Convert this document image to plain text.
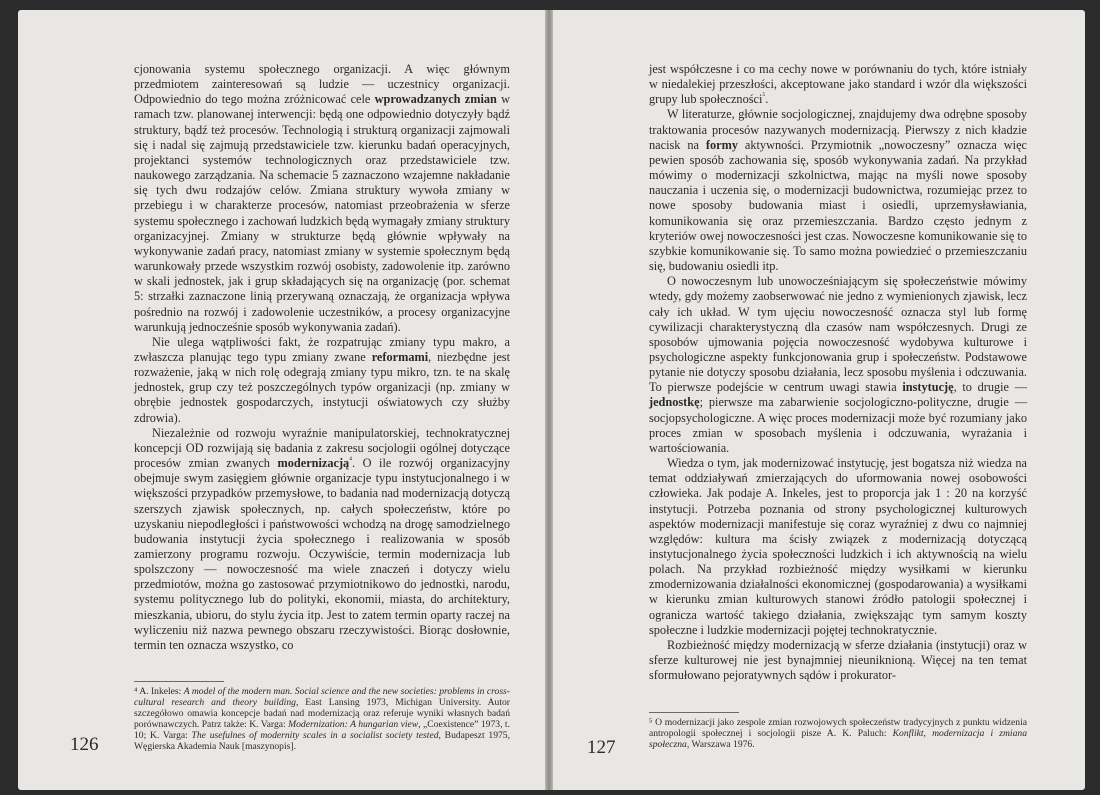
cjonowania systemu społecznego organizacji. A więc głównym przedmiotem zainteresowań są ludzie — uczestnicy organizacji. Odpowiednio do tego można zróżnicować cele wprowadzanych zmian w ramach tzw. planowanej interwencji: będą one odpowiednio dotyczyły bądź struktury, bądź też procesów. Technologią i strukturą organizacji zajmowali się i nadal się zajmują przedstawiciele tzw. kierunku badań operacyjnych, projektanci systemów technologicznych oraz przedstawiciele tzw. naukowego zarządzania. Na schemacie 5 zaznaczono wzajemne nakładanie się tych dwu rodzajów celów. Zmiana struktury wywoła zmiany w przebiegu i w charakterze procesów, natomiast przeobrażenia w sferze systemu społecznego i zachowań ludzkich będą wymagały zmiany struktury organizacyjnej. Zmiany w strukturze będą głównie wpływały na wykonywanie zadań pracy, natomiast zmiany w systemie społecznym będą warunkowały przede wszystkim rozwój osobisty, zadowolenie itp. zarówno w skali jednostek, jak i grup składających się na organizację (por. schemat 5: strzałki zaznaczone linią przerywaną oznaczają, że organizacja wpływa pośrednio na rozwój i zadowolenie uczestników, a procesy organizacyjne warunkują jednocześnie sposób wykonywania zadań).

Nie ulega wątpliwości fakt, że rozpatrując zmiany typu makro, a zwłaszcza planując tego typu zmiany zwane reformami, niezbędne jest rozważenie, jaką w nich rolę odegrają zmiany typu mikro, tzn. te na skalę jednostek, grup czy też poszczególnych typów organizacji (np. zmiany w obrębie jednostek gospodarczych, instytucji oświatowych czy służby zdrowia).

Niezależnie od rozwoju wyraźnie manipulatorskiej, technokratycznej koncepcji OD rozwijają się badania z zakresu socjologii ogólnej dotyczące procesów zmian zwanych modernizacją$^{^4}$. O ile rozwój organizacyjny obejmuje swym zasięgiem głównie organizacje typu instytucjonalnego i w większości przypadków przemysłowe, to badania nad modernizacją dotyczą szerszych zjawisk społecznych, np. całych społeczeństw, które po uzyskaniu niepodległości i państwowości wchodzą na drogę samodzielnego budowania instytucji życia społecznego i realizowania w sposób zamierzony programu rozwoju. Oczywiście, termin modernizacja lub spolszczony — nowoczesność ma wiele znaczeń i dotyczy wielu przedmiotów, można go zastosować przymiotnikowo do jednostki, narodu, systemu politycznego lub do polityki, ekonomii, miasta, do architektury, mieszkania, ubioru, do stylu życia itp. Jest to zatem termin oparty raczej na wyliczeniu niż nazwa pewnego obszaru rzeczywistości. Biorąc dosłownie, termin ten oznacza wszystko, co

⁴ A. Inkeles: A model of the modern man. Social science and the new societies: problems in cross-cultural research and theory building, East Lansing 1973, Michigan University. Autor szczegółowo omawia koncepcje badań nad modernizacją oraz referuje wyniki własnych badań porównawczych. Patrz także: K. Varga: Modernization: A hungarian view, „Coexistence” 1973, t. 10; K. Varga: The usefulnes of modernity scales in a socialist society tested, Budapeszt 1975, Węgierska Akademia Nauk [maszynopis].
126

jest współczesne i co ma cechy nowe w porównaniu do tych, które istniały w niedalekiej przeszłości, akceptowane jako standard i wzór dla większości grupy lub społeczności$^{^5}$.

W literaturze, głównie socjologicznej, znajdujemy dwa odrębne sposoby traktowania procesów nazywanych modernizacją. Pierwszy z nich kładzie nacisk na formy aktywności. Przymiotnik „nowoczesny” oznacza więc pewien sposób zachowania się, sposób wykonywania zadań. Na przykład mówimy o modernizacji szkolnictwa, mając na myśli nowe sposoby nauczania i uczenia się, o modernizacji budownictwa, rozumiejąc przez to nowe sposoby budowania miast i osiedli, uprzemysławiania, komunikowania się oraz przemieszczania. Bardzo często jednym z kryteriów owej nowoczesności jest czas. Nowoczesne komunikowanie się to szybkie komunikowanie się. To samo można powiedzieć o przemieszczaniu się, budowaniu osiedli itp.

O nowoczesnym lub unowocześniającym się społeczeństwie mówimy wtedy, gdy możemy zaobserwować nie jedno z wymienionych zjawisk, lecz cały ich układ. W tym ujęciu nowoczesność oznacza styl lub formę cywilizacji charakterystyczną dla czasów nam współczesnych. Drugi ze sposobów ujmowania pojęcia nowoczesność wydobywa kulturowe i psychologiczne aspekty funkcjonowania grup i społeczeństw. Podstawowe pytanie nie dotyczy sposobu działania, lecz sposobu myślenia i odczuwania. To pierwsze podejście w centrum uwagi stawia instytucję, to drugie — jednostkę; pierwsze ma zabarwienie socjologiczno-polityczne, drugie — socjopsychologiczne. A więc proces modernizacji może być rozumiany jako proces zmian w sposobach myślenia i odczuwania, wyrażania i wartościowania.

Wiedza o tym, jak modernizować instytucję, jest bogatsza niż wiedza na temat oddziaływań zmierzających do uformowania nowej osobowości człowieka. Jak podaje A. Inkeles, jest to proporcja jak 1 : 20 na korzyść instytucji. Potrzeba poznania od strony psychologicznej kulturowych aspektów modernizacji manifestuje się coraz wyraźniej z dwu co najmniej względów: kultura ma ścisły związek z modernizacją dotyczącą instytucjonalnego życia społeczności ludzkich i ich aktywnością na wielu polach. Na przykład rozbieżność między wysiłkami w kierunku zmodernizowania działalności ekonomicznej (gospodarowania) a wysiłkami w kierunku zmian kulturowych stanowi źródło patologii społecznej i ogranicza wartość takiego działania, zwiększając tym samym koszty społeczne i ludzkie modernizacji pojętej technokratycznie.

Rozbieżność między modernizacją w sferze działania (instytucji) oraz w sferze kulturowej nie jest bynajmniej nieuniknioną. Więcej na ten temat sformułowano pejoratywnych sądów i prokurator-

⁵ O modernizacji jako zespole zmian rozwojowych społeczeństw tradycyjnych z punktu widzenia antropologii społecznej i socjologii pisze A. K. Paluch: Konflikt, modernizacja i zmiana społeczna, Warszawa 1976.
127
